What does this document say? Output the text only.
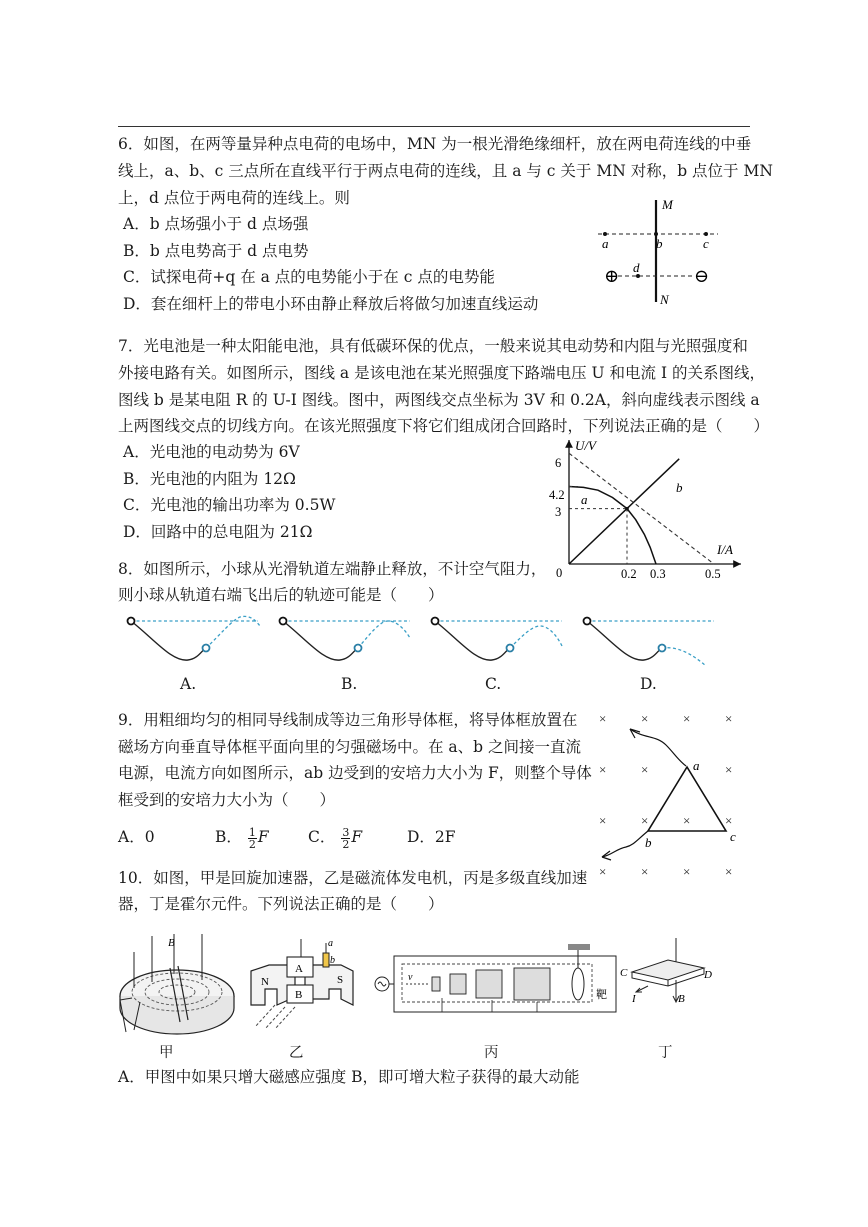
6．如图，在两等量异种点电荷的电场中，MN 为一根光滑绝缘细杆，放在两电荷连线的中垂
线上，a、b、c 三点所在直线平行于两点电荷的连线，且 a 与 c 关于 MN 对称，b 点位于 MN
上，d 点位于两电荷的连线上。则
A．b 点场强小于 d 点场强
B．b 点电势高于 d 点电势
C．试探电荷+q 在 a 点的电势能小于在 c 点的电势能
D．套在细杆上的带电小环由静止释放后将做匀加速直线运动
M
N
a	b	c
d
⊕	⊖
7．光电池是一种太阳能电池，具有低碳环保的优点，一般来说其电动势和内阻与光照强度和
外接电路有关。如图所示，图线 a 是该电池在某光照强度下路端电压 U 和电流 I 的关系图线，
图线 b 是某电阻 R 的 U-I 图线。图中，两图线交点坐标为 3V 和 0.2A，斜向虚线表示图线 a
上两图线交点的切线方向。在该光照强度下将它们组成闭合回路时，下列说法正确的是（　　）
A．光电池的电动势为 6V
B．光电池的内阻为 12Ω
C．光电池的输出功率为 0.5W
D．回路中的总电阻为 21Ω
U/V
I/A
0
6
4.2
3
0.2 0.3	0.5
a
b
8．如图所示，小球从光滑轨道左端静止释放，不计空气阻力，
则小球从轨道右端飞出后的轨迹可能是（　　）
A.	B.	C.	D.
9．用粗细均匀的相同导线制成等边三角形导体框，将导体框放置在
磁场方向垂直导体框平面向里的匀强磁场中。在 a、b 之间接一直流
电源，电流方向如图所示，ab 边受到的安培力大小为 F，则整个导体
框受到的安培力大小为（　　）
A．0	B． $\frac{1}{2}$ F	C． $\frac{3}{2}$ F	D．2F
×	×	×	×
×	×	×
×	×	×	×
×	×	×	×
a
b	c
10．如图，甲是回旋加速器，乙是磁流体发电机，丙是多级直线加速
器，丁是霍尔元件。下列说法正确的是（　　）
B
N
A
S
B
a
b
v
靶
C	D
I	B
甲	乙	丙	丁
A．甲图中如果只增大磁感应强度 B，即可增大粒子获得的最大动能
